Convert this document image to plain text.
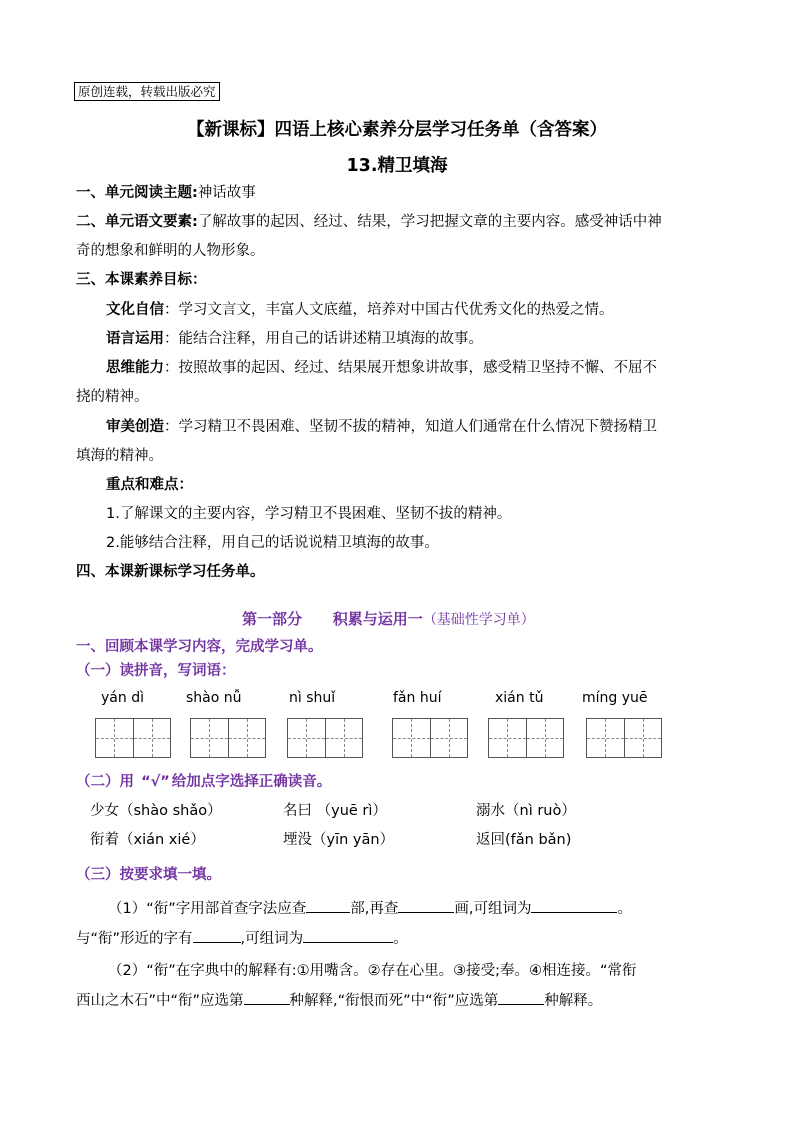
原创连载，转载出版必究
【新课标】四语上核心素养分层学习任务单（含答案）
13.精卫填海
一、单元阅读主题:神话故事
二、单元语文要素:了解故事的起因、经过、结果，学习把握文章的主要内容。感受神话中神
奇的想象和鲜明的人物形象。
三、本课素养目标：
文化自信：学习文言文，丰富人文底蕴，培养对中国古代优秀文化的热爱之情。
语言运用：能结合注释，用自己的话讲述精卫填海的故事。
思维能力：按照故事的起因、经过、结果展开想象讲故事，感受精卫坚持不懈、不屈不
挠的精神。
审美创造：学习精卫不畏困难、坚韧不拔的精神，知道人们通常在什么情况下赞扬精卫
填海的精神。
重点和难点：
1.了解课文的主要内容，学习精卫不畏困难、坚韧不拔的精神。
2.能够结合注释，用自己的话说说精卫填海的故事。
四、本课新课标学习任务单。
第一部分 积累与运用一（基础性学习单）
一、回顾本课学习内容，完成学习单。
（一）读拼音，写词语：
yán dì	shào nǚ	nì shuǐ	fǎn huí	xián tǔ	míng yuē
（二）用 “√” 给加点字选择正确读音。
少女（shào shǎo）	名曰 （yuē rì）	溺水（nì ruò）
衔着（xián xié）	堙没（yīn yān）	返回(fǎn bǎn)
（三）按要求填一填。
（1）“衔”字用部首查字法应查	部,再查	画,可组词为	。
与“衔”形近的字有	,可组词为	。
（2）“衔”在字典中的解释有:①用嘴含。②存在心里。③接受;奉。④相连接。“常衔
西山之木石”中“衔”应选第	种解释,“衔恨而死”中“衔”应选第	种解释。
